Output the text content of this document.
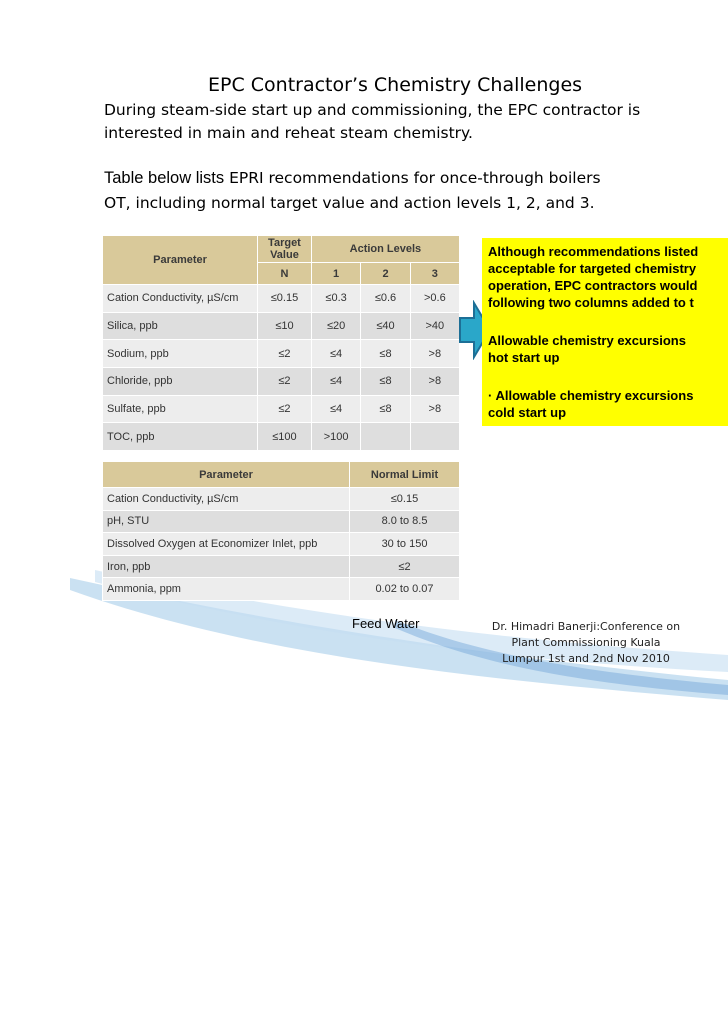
EPC Contractor’s Chemistry Challenges
During steam-side start up and commissioning, the EPC contractor is
interested in main and reheat steam chemistry.
Table below lists EPRI recommendations for once-through boilers
OT, including normal target value and action levels 1, 2, and 3.
Parameter	Target Value	Action Levels		
	N	1	2	3
Cation Conductivity, µS/cm	≤0.15	≤0.3	≤0.6	>0.6
Silica, ppb	≤10	≤20	≤40	>40
Sodium, ppb	≤2	≤4	≤8	>8
Chloride, ppb	≤2	≤4	≤8	>8
Sulfate, ppb	≤2	≤4	≤8	>8
TOC, ppb	≤100	>100		
Parameter	Normal Limit
Cation Conductivity, µS/cm	≤0.15
pH, STU	8.0 to 8.5
Dissolved Oxygen at Economizer Inlet, ppb	30 to 150
Iron, ppb	≤2
Ammonia, ppm	0.02 to 0.07
Although recommendations listed
acceptable for targeted chemistry
operation, EPC contractors would
following two columns added to t
Allowable chemistry excursions
hot start up
· Allowable chemistry excursions
cold start up
Feed Water	Dr. Himadri Banerji:Conference on
Plant Commissioning Kuala
Lumpur 1st and 2nd Nov 2010
